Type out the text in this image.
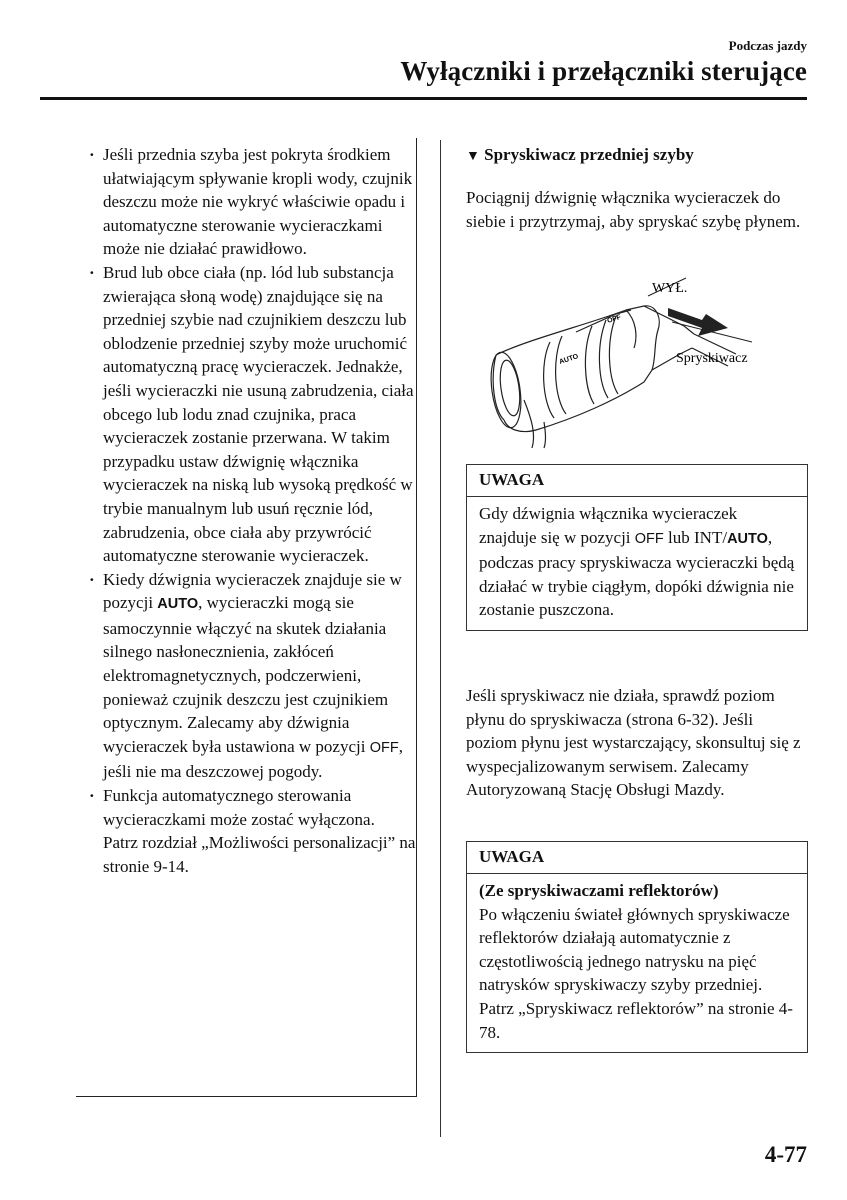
Podczas jazdy
Wyłączniki i przełączniki sterujące
· Jeśli przednia szyba jest pokryta środkiem ułatwiającym spływanie kropli wody, czujnik deszczu może nie wykryć właściwie opadu i automatyczne sterowanie wycieraczkami może nie działać prawidłowo.
· Brud lub obce ciała (np. lód lub substancja zwierająca słoną wodę) znajdujące się na przedniej szybie nad czujnikiem deszczu lub oblodzenie przedniej szyby może uruchomić automatyczną pracę wycieraczek. Jednakże, jeśli wycieraczki nie usuną zabrudzenia, ciała obcego lub lodu znad czujnika, praca wycieraczek zostanie przerwana. W takim przypadku ustaw dźwignię włącznika wycieraczek na niską lub wysoką prędkość w trybie manualnym lub usuń ręcznie lód, zabrudzenia, obce ciała aby przywrócić automatyczne sterowanie wycieraczek.
· Kiedy dźwignia wycieraczek znajduje sie w pozycji AUTO, wycieraczki mogą sie samoczynnie włączyć na skutek działania silnego nasłonecznienia, zakłóceń elektromagnetycznych, podczerwieni, ponieważ czujnik deszczu jest czujnikiem optycznym. Zalecamy aby dźwignia wycieraczek była ustawiona w pozycji OFF, jeśli nie ma deszczowej pogody.
· Funkcja automatycznego sterowania wycieraczkami może zostać wyłączona.
Patrz rozdział „Możliwości personalizacji” na stronie 9-14.
▼ Spryskiwacz przedniej szyby

Pociągnij dźwignię włącznika wycieraczek do siebie i przytrzymaj, aby spryskać szybę płynem.

OFF
AUTO
WYŁ.
Spryskiwacz
UWAGA
Gdy dźwignia włącznika wycieraczek znajduje się w pozycji OFF lub INT/AUTO, podczas pracy spryskiwacza wycieraczki będą działać w trybie ciągłym, dopóki dźwignia nie zostanie puszczona.

Jeśli spryskiwacz nie działa, sprawdź poziom płynu do spryskiwacza (strona 6-32). Jeśli poziom płynu jest wystarczający, skonsultuj się z wyspecjalizowanym serwisem. Zalecamy Autoryzowaną Stację Obsługi Mazdy.

UWAGA
(Ze spryskiwaczami reflektorów)
Po włączeniu świateł głównych spryskiwacze reflektorów działają automatycznie z częstotliwością jednego natrysku na pięć natrysków spryskiwaczy szyby przedniej.
Patrz „Spryskiwacz reflektorów” na stronie 4-78.
4-77
